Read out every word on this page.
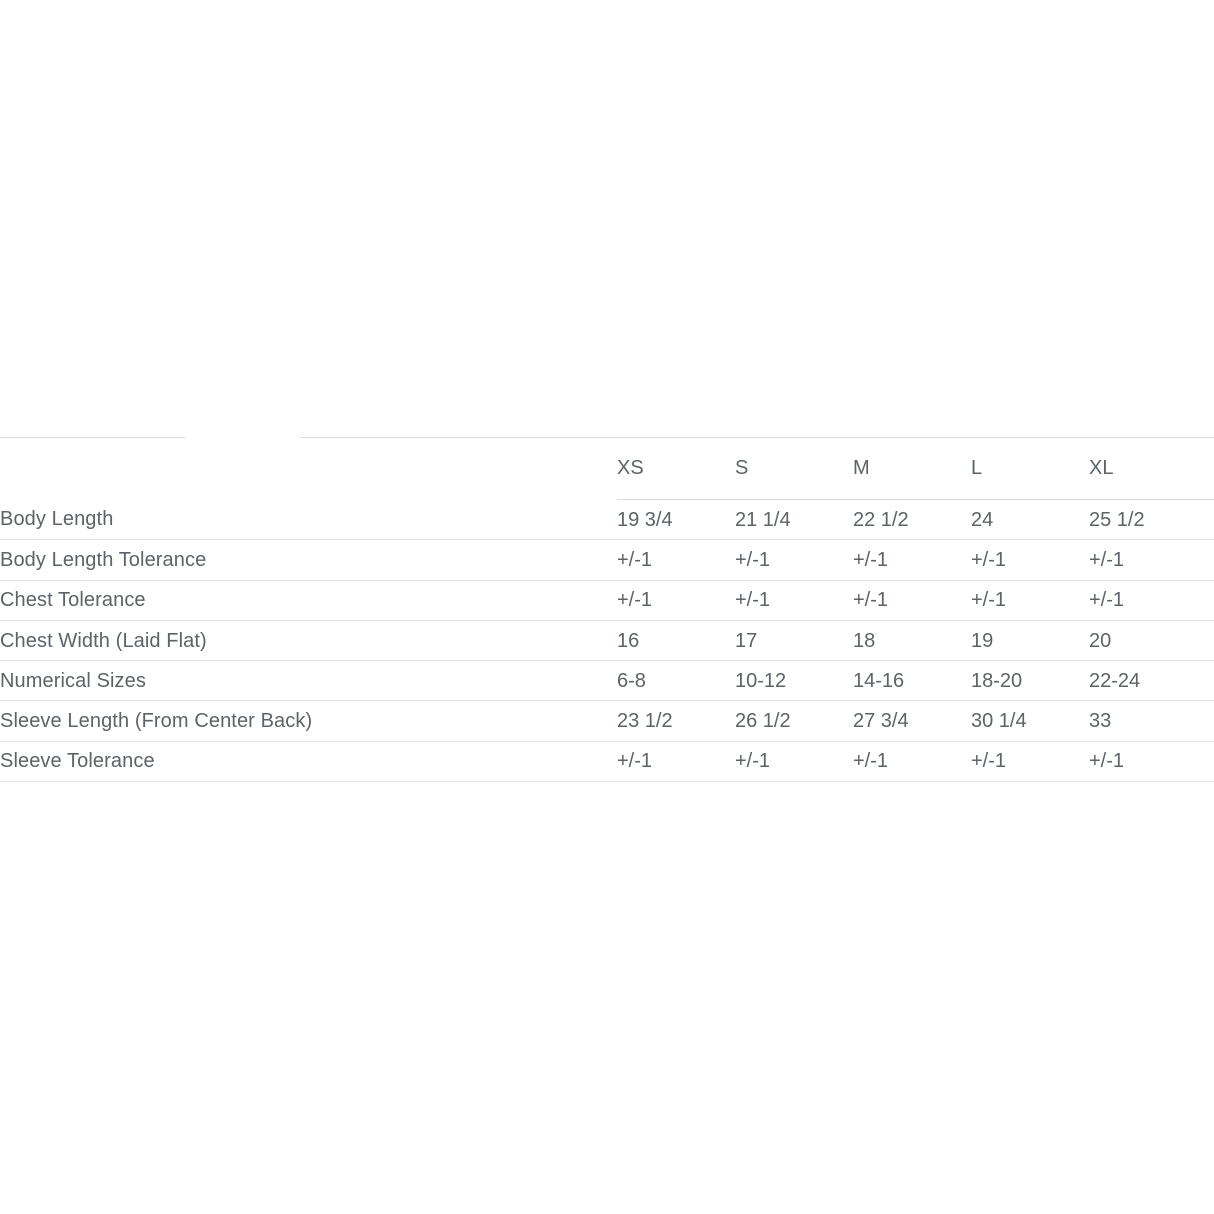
	XS	S	M	L	XL
Body Length	19 3/4	21 1/4	22 1/2	24	25 1/2
Body Length Tolerance	+/-1	+/-1	+/-1	+/-1	+/-1
Chest Tolerance	+/-1	+/-1	+/-1	+/-1	+/-1
Chest Width (Laid Flat)	16	17	18	19	20
Numerical Sizes	6-8	10-12	14-16	18-20	22-24
Sleeve Length (From Center Back)	23 1/2	26 1/2	27 3/4	30 1/4	33
Sleeve Tolerance	+/-1	+/-1	+/-1	+/-1	+/-1
